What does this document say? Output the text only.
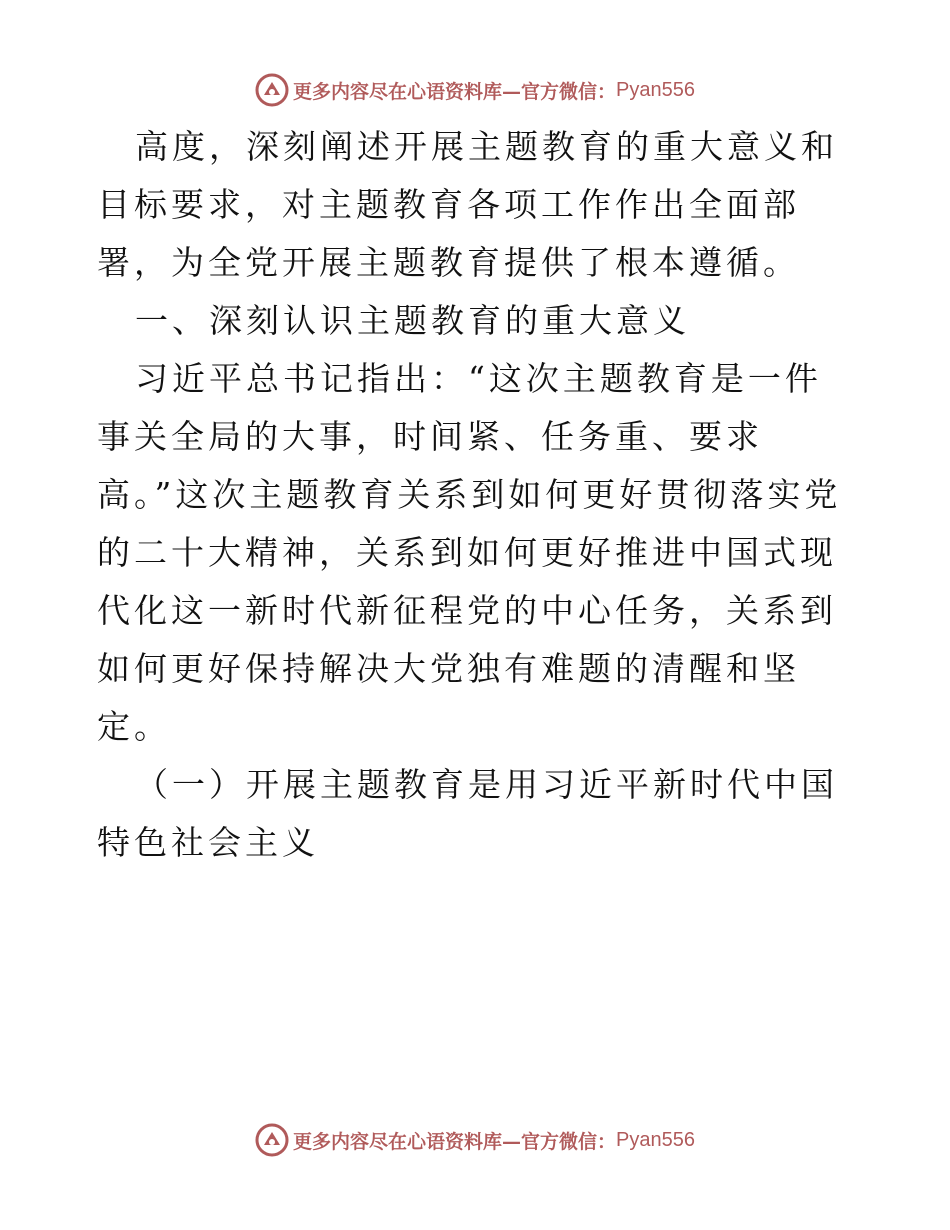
更多内容尽在心语资料库—官方微信： Pyan556

高度，深刻阐述开展主题教育的重大意义和目标要求，对主题教育各项工作作出全面部署，为全党开展主题教育提供了根本遵循。

一、深刻认识主题教育的重大意义

习近平总书记指出：“这次主题教育是一件事关全局的大事，时间紧、任务重、要求高。”这次主题教育关系到如何更好贯彻落实党的二十大精神，关系到如何更好推进中国式现代化这一新时代新征程党的中心任务，关系到如何更好保持解决大党独有难题的清醒和坚定。

（一）开展主题教育是用习近平新时代中国特色社会主义

更多内容尽在心语资料库—官方微信： Pyan556
